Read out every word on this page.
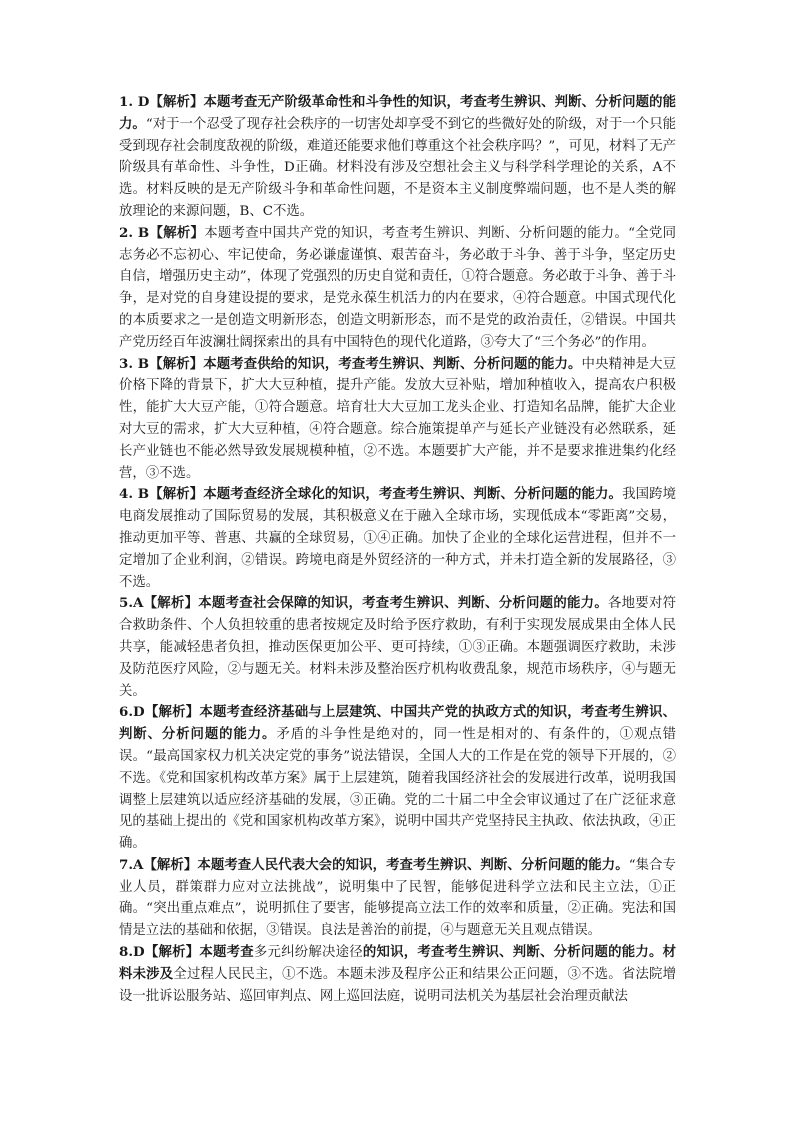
1. D【解析】本题考查无产阶级革命性和斗争性的知识，考查考生辨识、判断、分析问题的能力。“对于一个忍受了现存社会秩序的一切害处却享受不到它的些微好处的阶级，对于一个只能受到现存社会制度敌视的阶级，难道还能要求他们尊重这个社会秩序吗？”，可见，材料了无产阶级具有革命性、斗争性，D正确。材料没有涉及空想社会主义与科学科学理论的关系，A不选。材料反映的是无产阶级斗争和革命性问题，不是资本主义制度弊端问题，也不是人类的解放理论的来源问题，B、C不选。

2. B【解析】本题考查中国共产党的知识，考查考生辨识、判断、分析问题的能力。“全党同志务必不忘初心、牢记使命，务必谦虚谨慎、艰苦奋斗，务必敢于斗争、善于斗争，坚定历史自信，增强历史主动”，体现了党强烈的历史自觉和责任，①符合题意。务必敢于斗争、善于斗争，是对党的自身建设提的要求，是党永葆生机活力的内在要求，④符合题意。中国式现代化的本质要求之一是创造文明新形态，创造文明新形态，而不是党的政治责任，②错误。中国共产党历经百年波澜壮阔探索出的具有中国特色的现代化道路，③夸大了“三个务必”的作用。

3. B【解析】本题考查供给的知识，考查考生辨识、判断、分析问题的能力。中央精神是大豆价格下降的背景下，扩大大豆种植，提升产能。发放大豆补贴，增加种植收入，提高农户积极性，能扩大大豆产能，①符合题意。培育壮大大豆加工龙头企业、打造知名品牌，能扩大企业对大豆的需求，扩大大豆种植，④符合题意。综合施策提单产与延长产业链没有必然联系，延长产业链也不能必然导致发展规模种植，②不选。本题要扩大产能，并不是要求推进集约化经营，③不选。

4. B【解析】本题考查经济全球化的知识，考查考生辨识、判断、分析问题的能力。我国跨境电商发展推动了国际贸易的发展，其积极意义在于融入全球市场，实现低成本“零距离”交易，推动更加平等、普惠、共赢的全球贸易，①④正确。加快了企业的全球化运营进程，但并不一定增加了企业利润，②错误。跨境电商是外贸经济的一种方式，并未打造全新的发展路径，③不选。

5.A【解析】本题考查社会保障的知识，考查考生辨识、判断、分析问题的能力。各地要对符合救助条件、个人负担较重的患者按规定及时给予医疗救助，有利于实现发展成果由全体人民共享，能减轻患者负担，推动医保更加公平、更可持续，①③正确。本题强调医疗救助，未涉及防范医疗风险，②与题无关。材料未涉及整治医疗机构收费乱象，规范市场秩序，④与题无关。

6.D【解析】本题考查经济基础与上层建筑、中国共产党的执政方式的知识，考查考生辨识、判断、分析问题的能力。矛盾的斗争性是绝对的，同一性是相对的、有条件的，①观点错误。“最高国家权力机关决定党的事务”说法错误，全国人大的工作是在党的领导下开展的，②不选。《党和国家机构改革方案》属于上层建筑，随着我国经济社会的发展进行改革，说明我国调整上层建筑以适应经济基础的发展，③正确。党的二十届二中全会审议通过了在广泛征求意见的基础上提出的《党和国家机构改革方案》，说明中国共产党坚持民主执政、依法执政，④正确。

7.A【解析】本题考查人民代表大会的知识，考查考生辨识、判断、分析问题的能力。“集合专业人员，群策群力应对立法挑战”，说明集中了民智，能够促进科学立法和民主立法，①正确。“突出重点难点”，说明抓住了要害，能够提高立法工作的效率和质量，②正确。宪法和国情是立法的基础和依据，③错误。良法是善治的前提，④与题意无关且观点错误。

8.D【解析】本题考查多元纠纷解决途径的知识，考查考生辨识、判断、分析问题的能力。材料未涉及全过程人民民主，①不选。本题未涉及程序公正和结果公正问题，③不选。省法院增设一批诉讼服务站、巡回审判点、网上巡回法庭，说明司法机关为基层社会治理贡献法
